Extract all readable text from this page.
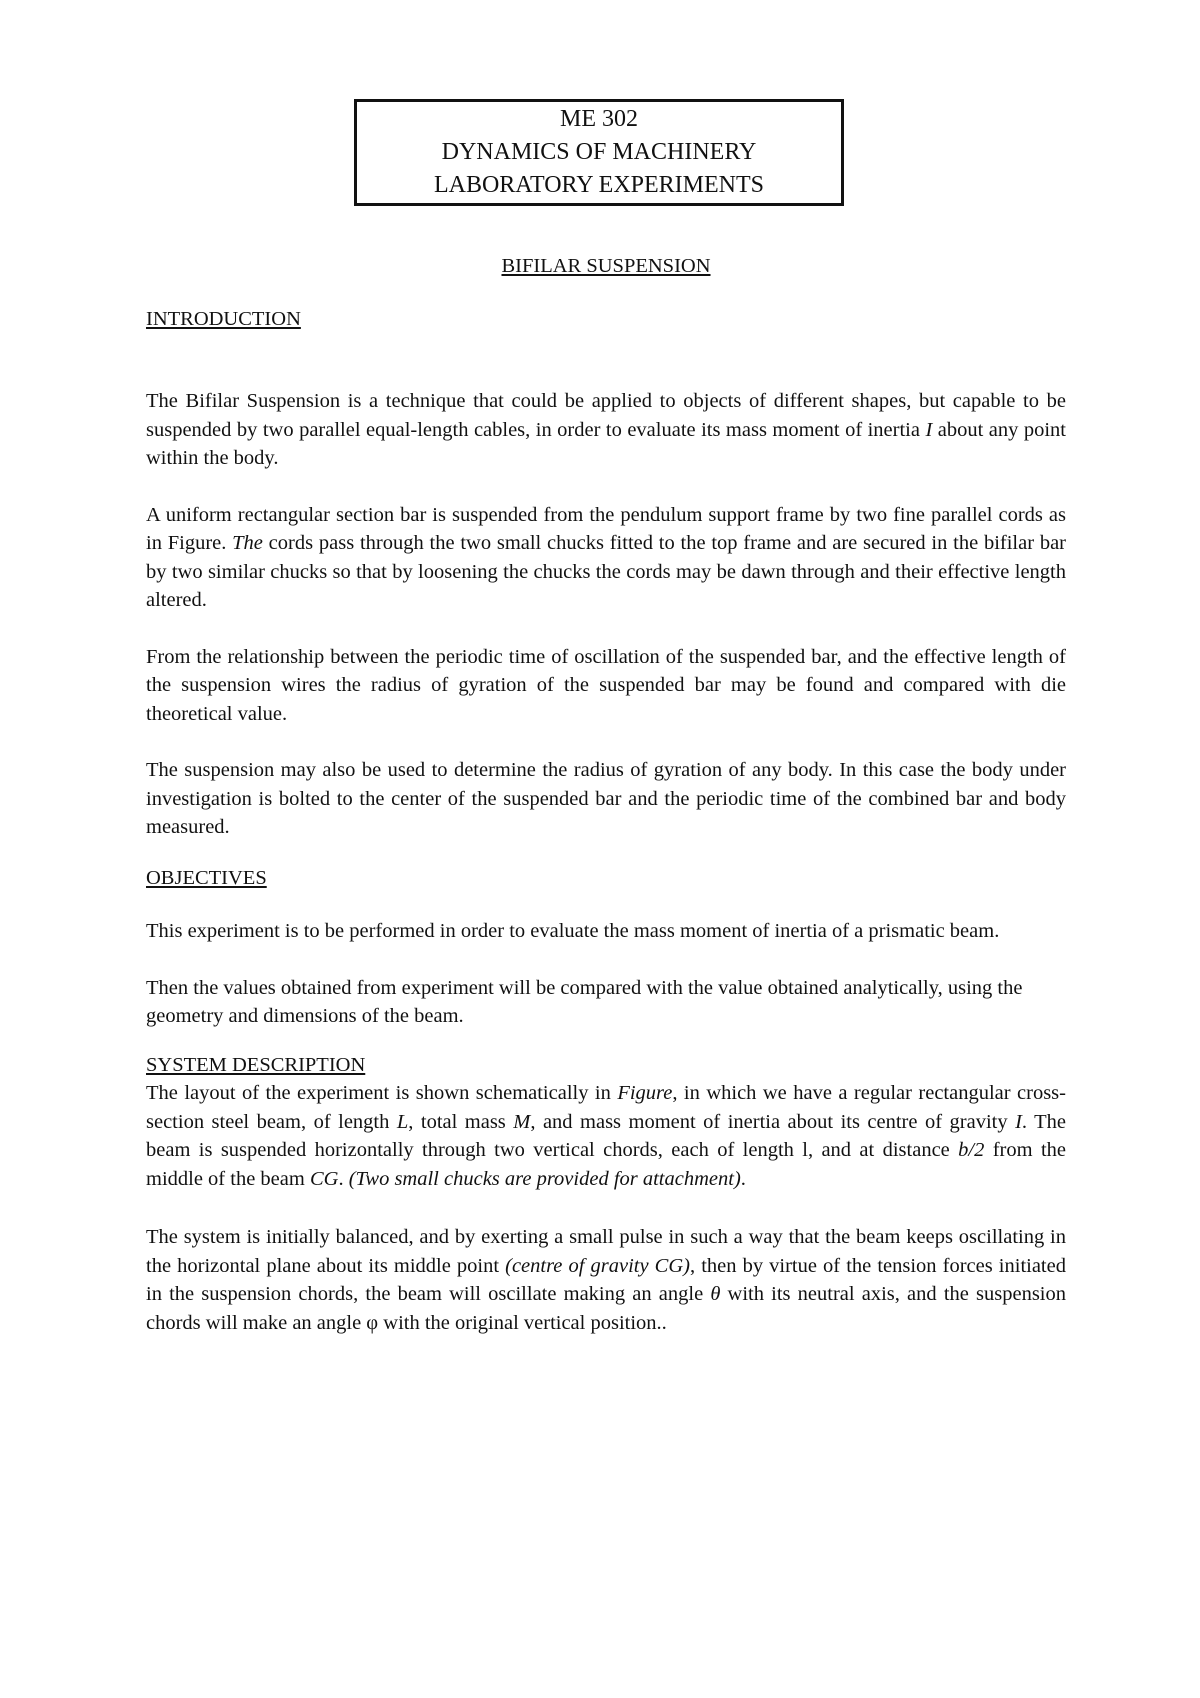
ME 302
DYNAMICS OF MACHINERY
LABORATORY EXPERIMENTS
BIFILAR SUSPENSION
INTRODUCTION

The Bifilar Suspension is a technique that could be applied to objects of different shapes, but capable to be suspended by two parallel equal-length cables, in order to evaluate its mass moment of inertia I about any point within the body.

A uniform rectangular section bar is suspended from the pendulum support frame by two fine parallel cords as in Figure. The cords pass through the two small chucks fitted to the top frame and are secured in the bifilar bar by two similar chucks so that by loosening the chucks the cords may be dawn through and their effective length altered.

From the relationship between the periodic time of oscillation of the suspended bar, and the effective length of the suspension wires the radius of gyration of the suspended bar may be found and compared with die theoretical value.

The suspension may also be used to determine the radius of gyration of any body. In this case the body under investigation is bolted to the center of the suspended bar and the periodic time of the combined bar and body measured.

OBJECTIVES

This experiment is to be performed in order to evaluate the mass moment of inertia of a prismatic beam.

Then the values obtained from experiment will be compared with the value obtained analytically, using the geometry and dimensions of the beam.

SYSTEM DESCRIPTION

The layout of the experiment is shown schematically in Figure, in which we have a regular rectangular cross-section steel beam, of length L, total mass M, and mass moment of inertia about its centre of gravity I. The beam is suspended horizontally through two vertical chords, each of length l, and at distance b/2 from the middle of the beam CG. (Two small chucks are provided for attachment).

The system is initially balanced, and by exerting a small pulse in such a way that the beam keeps oscillating in the horizontal plane about its middle point (centre of gravity CG), then by virtue of the tension forces initiated in the suspension chords, the beam will oscillate making an angle θ with its neutral axis, and the suspension chords will make an angle φ with the original vertical position..
